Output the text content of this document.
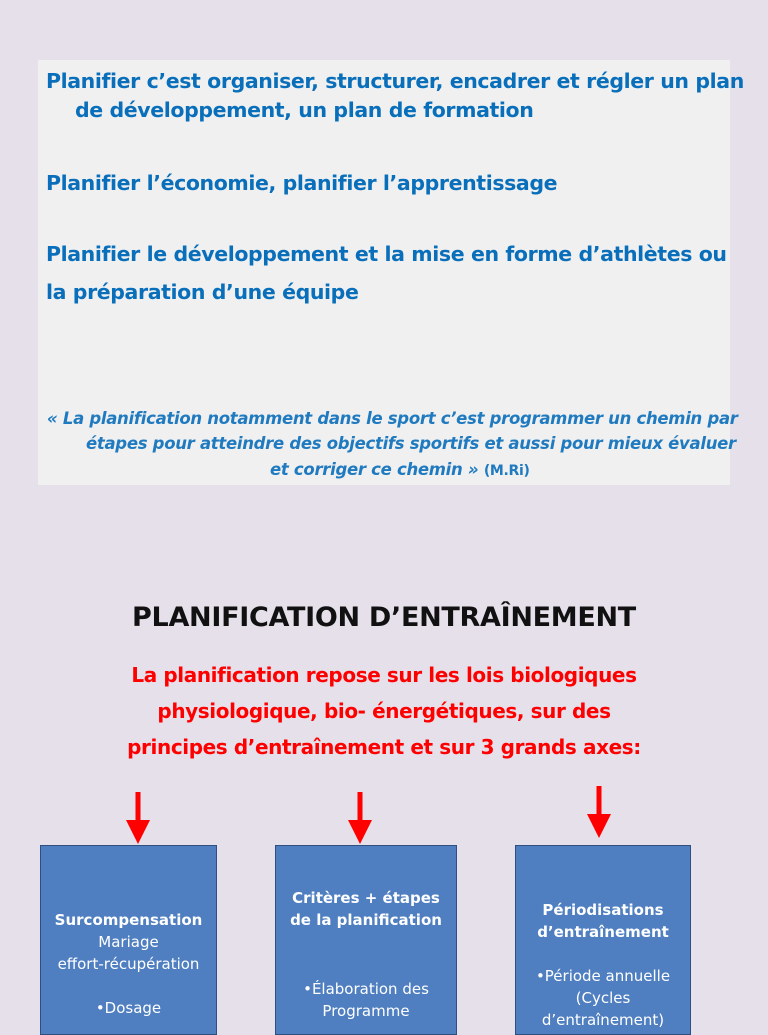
Planifier c’est organiser, structurer, encadrer et régler un plan

de développement, un plan de formation

Planifier l’économie, planifier l’apprentissage

Planifier le développement et la mise en forme d’athlètes ou

la préparation d’une équipe

« La planification notamment dans le sport c’est programmer un chemin par

étapes pour atteindre des objectifs sportifs et aussi pour mieux évaluer

et corriger ce chemin » (M.Ri)

PLANIFICATION D’ENTRAÎNEMENT

La planification repose sur les lois biologiques

physiologique, bio- énergétiques, sur des

principes d’entraînement et sur 3 grands axes:

Surcompensation

Mariage

effort-récupération

•Dosage

Critères + étapes

de la planification

•Élaboration des

Programme

Périodisations

d’entraînement

•Période annuelle

(Cycles

d’entraînement)
